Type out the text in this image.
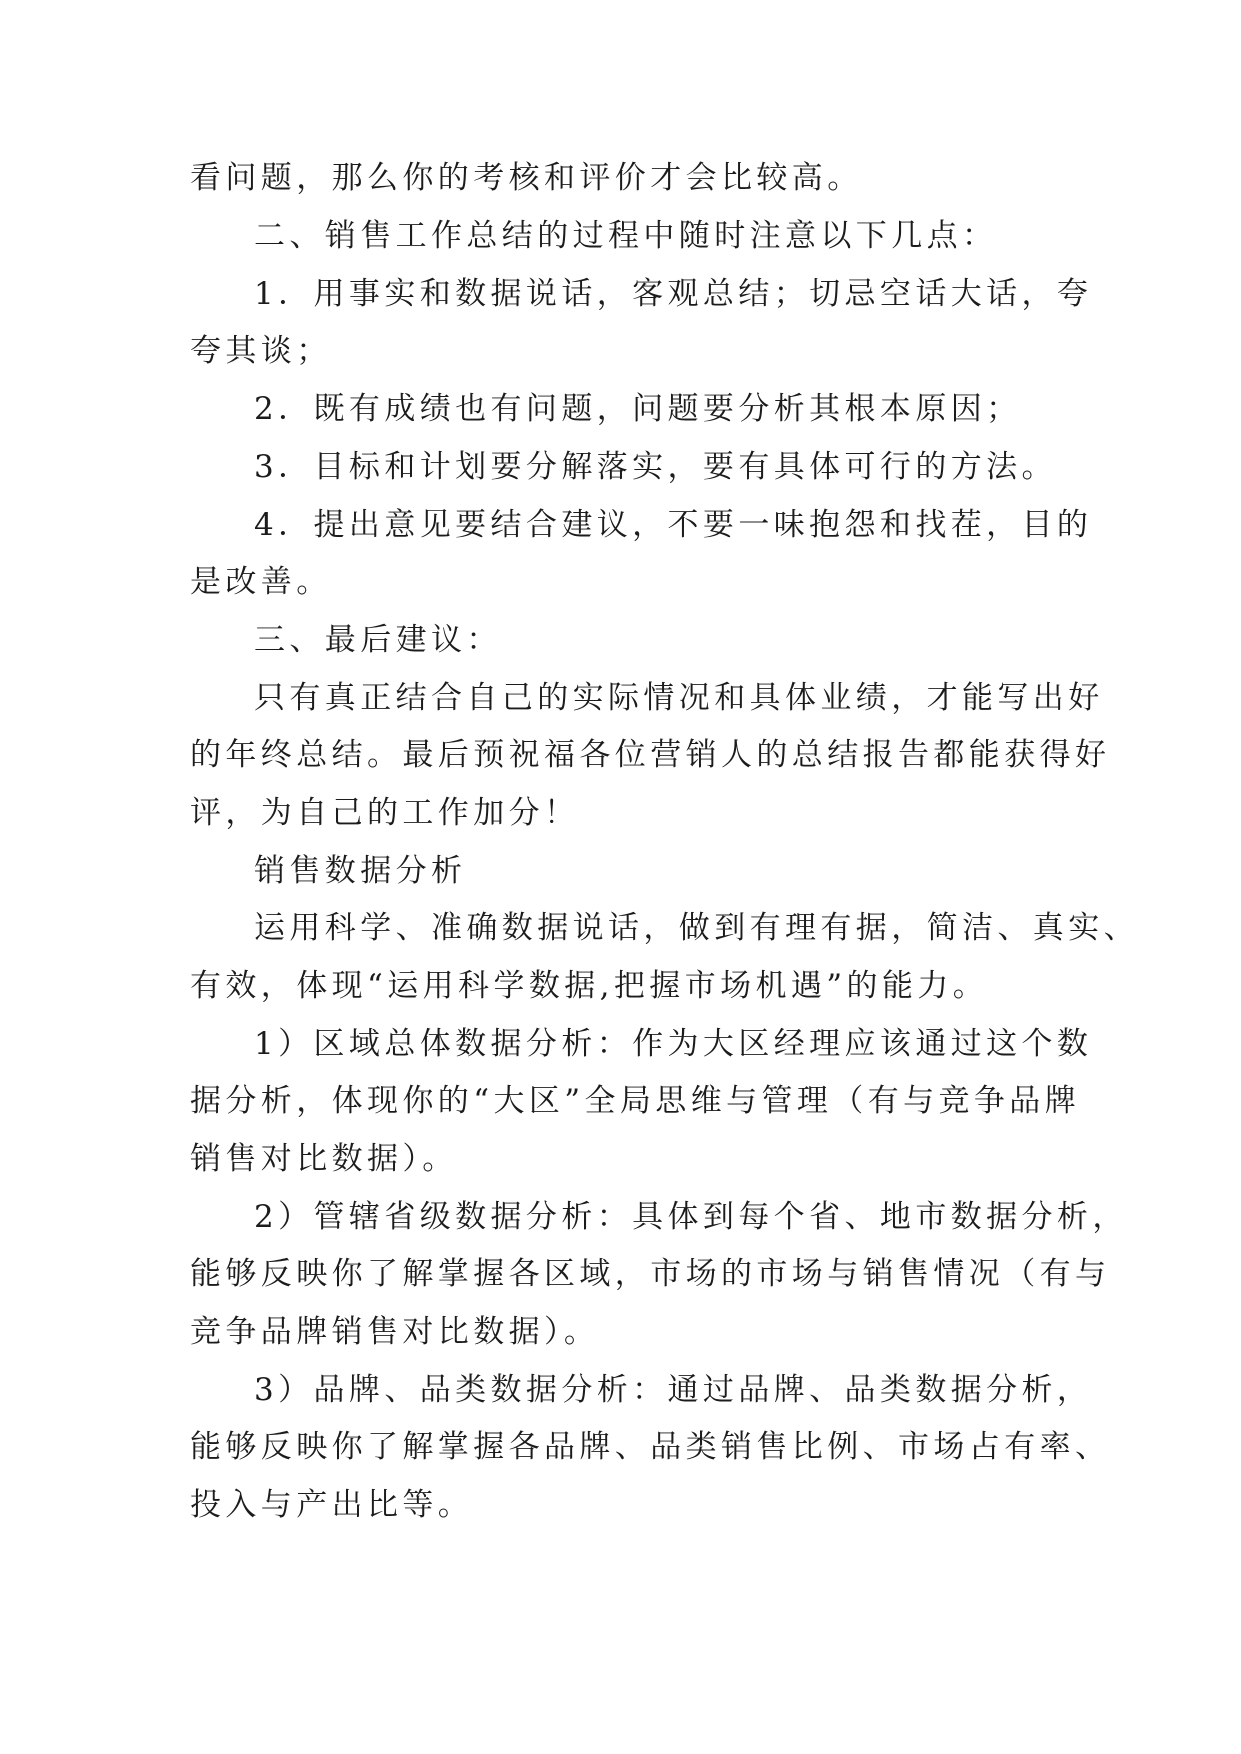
看问题，那么你的考核和评价才会比较高。
二、销售工作总结的过程中随时注意以下几点：
1．用事实和数据说话，客观总结；切忌空话大话，夸
夸其谈；
2．既有成绩也有问题，问题要分析其根本原因；
3．目标和计划要分解落实，要有具体可行的方法。
4．提出意见要结合建议，不要一味抱怨和找茬，目的
是改善。
三、最后建议：
只有真正结合自己的实际情况和具体业绩，才能写出好
的年终总结。最后预祝福各位营销人的总结报告都能获得好
评，为自己的工作加分！
销售数据分析
运用科学、准确数据说话，做到有理有据，简洁、真实、
有效，体现“运用科学数据,把握市场机遇”的能力。
1）区域总体数据分析：作为大区经理应该通过这个数
据分析，体现你的“大区”全局思维与管理（有与竞争品牌
销售对比数据）。
2）管辖省级数据分析：具体到每个省、地市数据分析，
能够反映你了解掌握各区域，市场的市场与销售情况（有与
竞争品牌销售对比数据）。
3）品牌、品类数据分析：通过品牌、品类数据分析，
能够反映你了解掌握各品牌、品类销售比例、市场占有率、
投入与产出比等。
